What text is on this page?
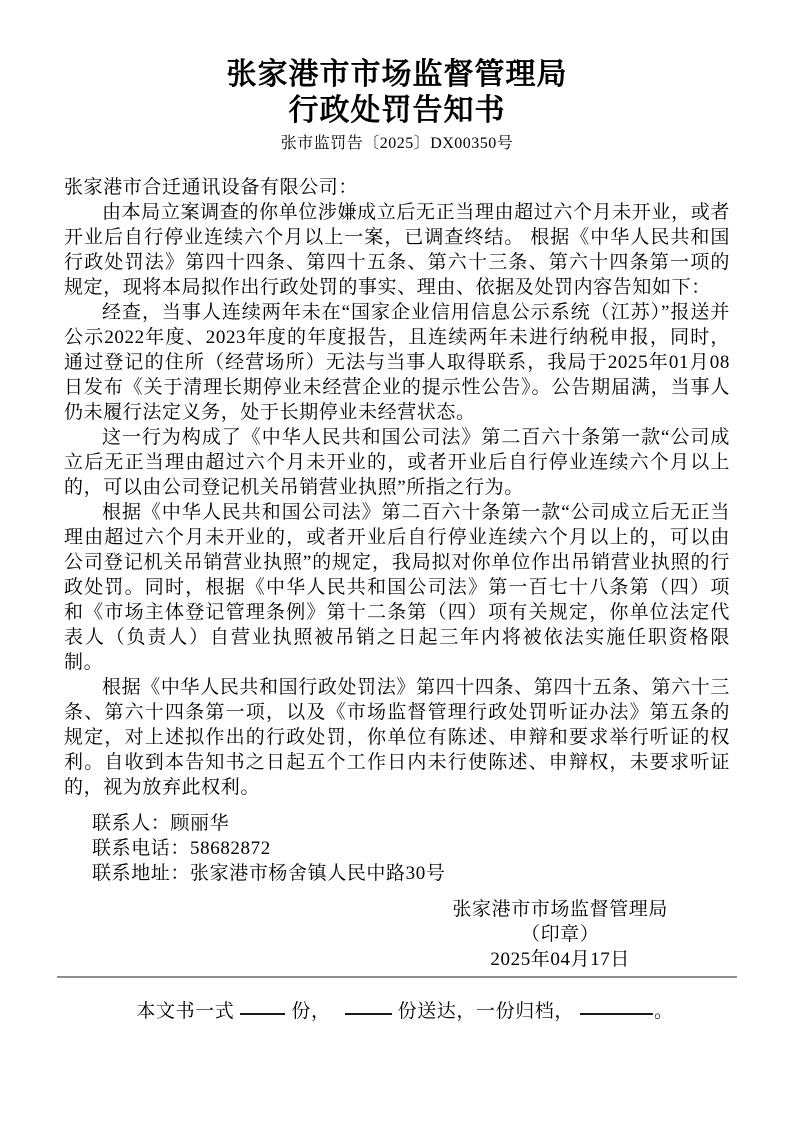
张家港市市场监督管理局
行政处罚告知书
张市监罚告〔2025〕DX00350号
张家港市合迁通讯设备有限公司：

由本局立案调查的你单位涉嫌成立后无正当理由超过六个月未开业，或者开业后自行停业连续六个月以上一案，已调查终结。 根据《中华人民共和国行政处罚法》第四十四条、第四十五条、第六十三条、第六十四条第一项的规定，现将本局拟作出行政处罚的事实、理由、依据及处罚内容告知如下：

经查，当事人连续两年未在“国家企业信用信息公示系统（江苏）”报送并公示2022年度、2023年度的年度报告，且连续两年未进行纳税申报，同时，通过登记的住所（经营场所）无法与当事人取得联系，我局于2025年01月08日发布《关于清理长期停业未经营企业的提示性公告》。公告期届满，当事人仍未履行法定义务，处于长期停业未经营状态。

这一行为构成了《中华人民共和国公司法》第二百六十条第一款“公司成立后无正当理由超过六个月未开业的，或者开业后自行停业连续六个月以上的，可以由公司登记机关吊销营业执照”所指之行为。

根据《中华人民共和国公司法》第二百六十条第一款“公司成立后无正当理由超过六个月未开业的，或者开业后自行停业连续六个月以上的，可以由公司登记机关吊销营业执照”的规定，我局拟对你单位作出吊销营业执照的行政处罚。同时，根据《中华人民共和国公司法》第一百七十八条第（四）项和《市场主体登记管理条例》第十二条第（四）项有关规定，你单位法定代表人（负责人）自营业执照被吊销之日起三年内将被依法实施任职资格限制。

根据《中华人民共和国行政处罚法》第四十四条、第四十五条、第六十三条、第六十四条第一项，以及《市场监督管理行政处罚听证办法》第五条的规定，对上述拟作出的行政处罚，你单位有陈述、申辩和要求举行听证的权利。自收到本告知书之日起五个工作日内未行使陈述、申辩权，未要求听证的，视为放弃此权利。

联系人：顾丽华
联系电话：58682872
联系地址：张家港市杨舍镇人民中路30号
张家港市市场监督管理局
（印章）
2025年04月17日
本文书一式	份，	份送达，一份归档，	。
